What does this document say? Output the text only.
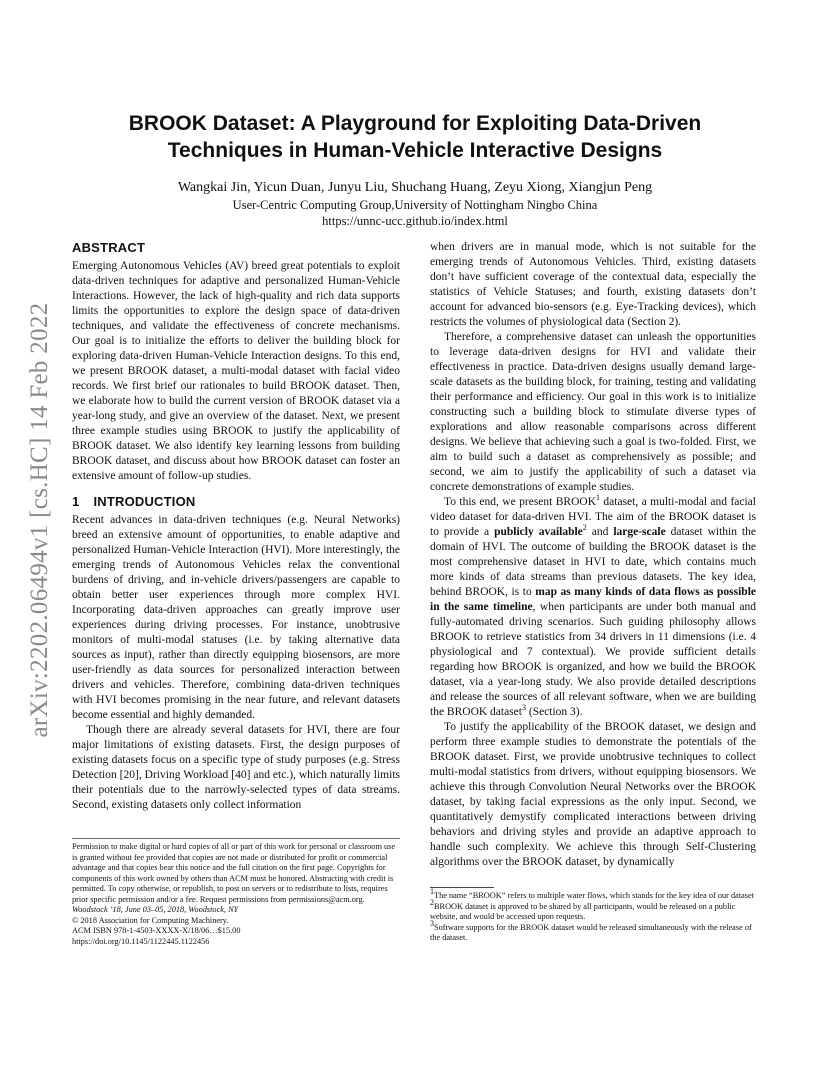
arXiv:2202.06494v1 [cs.HC] 14 Feb 2022
BROOK Dataset: A Playground for Exploiting Data-Driven
Techniques in Human-Vehicle Interactive Designs
Wangkai Jin, Yicun Duan, Junyu Liu, Shuchang Huang, Zeyu Xiong, Xiangjun Peng
User-Centric Computing Group,University of Nottingham Ningbo China
https://unnc-ucc.github.io/index.html
ABSTRACT

Emerging Autonomous Vehicles (AV) breed great potentials to exploit data-driven techniques for adaptive and personalized Human-Vehicle Interactions. However, the lack of high-quality and rich data supports limits the opportunities to explore the design space of data-driven techniques, and validate the effectiveness of concrete mechanisms. Our goal is to initialize the efforts to deliver the building block for exploring data-driven Human-Vehicle Interaction designs. To this end, we present BROOK dataset, a multi-modal dataset with facial video records. We first brief our rationales to build BROOK dataset. Then, we elaborate how to build the current version of BROOK dataset via a year-long study, and give an overview of the dataset. Next, we present three example studies using BROOK to justify the applicability of BROOK dataset. We also identify key learning lessons from building BROOK dataset, and discuss about how BROOK dataset can foster an extensive amount of follow-up studies.

1 INTRODUCTION

Recent advances in data-driven techniques (e.g. Neural Networks) breed an extensive amount of opportunities, to enable adaptive and personalized Human-Vehicle Interaction (HVI). More interestingly, the emerging trends of Autonomous Vehicles relax the conventional burdens of driving, and in-vehicle drivers/passengers are capable to obtain better user experiences through more complex HVI. Incorporating data-driven approaches can greatly improve user experiences during driving processes. For instance, unobtrusive monitors of multi-modal statuses (i.e. by taking alternative data sources as input), rather than directly equipping biosensors, are more user-friendly as data sources for personalized interaction between drivers and vehicles. Therefore, combining data-driven techniques with HVI becomes promising in the near future, and relevant datasets become essential and highly demanded.

Though there are already several datasets for HVI, there are four major limitations of existing datasets. First, the design purposes of existing datasets focus on a specific type of study purposes (e.g. Stress Detection [20], Driving Workload [40] and etc.), which naturally limits their potentials due to the narrowly-selected types of data streams. Second, existing datasets only collect information

Permission to make digital or hard copies of all or part of this work for personal or classroom use is granted without fee provided that copies are not made or distributed for profit or commercial advantage and that copies bear this notice and the full citation on the first page. Copyrights for components of this work owned by others than ACM must be honored. Abstracting with credit is permitted. To copy otherwise, or republish, to post on servers or to redistribute to lists, requires prior specific permission and/or a fee. Request permissions from permissions@acm.org.

Woodstock ’18, June 03–05, 2018, Woodstock, NY

© 2018 Association for Computing Machinery.

ACM ISBN 978-1-4503-XXXX-X/18/06…$15.00

https://doi.org/10.1145/1122445.1122456

when drivers are in manual mode, which is not suitable for the emerging trends of Autonomous Vehicles. Third, existing datasets don’t have sufficient coverage of the contextual data, especially the statistics of Vehicle Statuses; and fourth, existing datasets don’t account for advanced bio-sensors (e.g. Eye-Tracking devices), which restricts the volumes of physiological data (Section 2).

Therefore, a comprehensive dataset can unleash the opportunities to leverage data-driven designs for HVI and validate their effectiveness in practice. Data-driven designs usually demand large-scale datasets as the building block, for training, testing and validating their performance and efficiency. Our goal in this work is to initialize constructing such a building block to stimulate diverse types of explorations and allow reasonable comparisons across different designs. We believe that achieving such a goal is two-folded. First, we aim to build such a dataset as comprehensively as possible; and second, we aim to justify the applicability of such a dataset via concrete demonstrations of example studies.

To this end, we present BROOK$^1$ dataset, a multi-modal and facial video dataset for data-driven HVI. The aim of the BROOK dataset is to provide a publicly available$^2$ and large-scale dataset within the domain of HVI. The outcome of building the BROOK dataset is the most comprehensive dataset in HVI to date, which contains much more kinds of data streams than previous datasets. The key idea, behind BROOK, is to map as many kinds of data flows as possible in the same timeline, when participants are under both manual and fully-automated driving scenarios. Such guiding philosophy allows BROOK to retrieve statistics from 34 drivers in 11 dimensions (i.e. 4 physiological and 7 contextual). We provide sufficient details regarding how BROOK is organized, and how we build the BROOK dataset, via a year-long study. We also provide detailed descriptions and release the sources of all relevant software, when we are building the BROOK dataset$^3$ (Section 3).

To justify the applicability of the BROOK dataset, we design and perform three example studies to demonstrate the potentials of the BROOK dataset. First, we provide unobtrusive techniques to collect multi-modal statistics from drivers, without equipping biosensors. We achieve this through Convolution Neural Networks over the BROOK dataset, by taking facial expressions as the only input. Second, we quantitatively demystify complicated interactions between driving behaviors and driving styles and provide an adaptive approach to handle such complexity. We achieve this through Self-Clustering algorithms over the BROOK dataset, by dynamically

$^1$The name “BROOK” refers to multiple water flows, which stands for the key idea of our dataset

$^2$BROOK dataset is approved to be shared by all participants, would be released on a public website, and would be accessed upon requests.

$^3$Software supports for the BROOK dataset would be released simultaneously with the release of the dataset.
